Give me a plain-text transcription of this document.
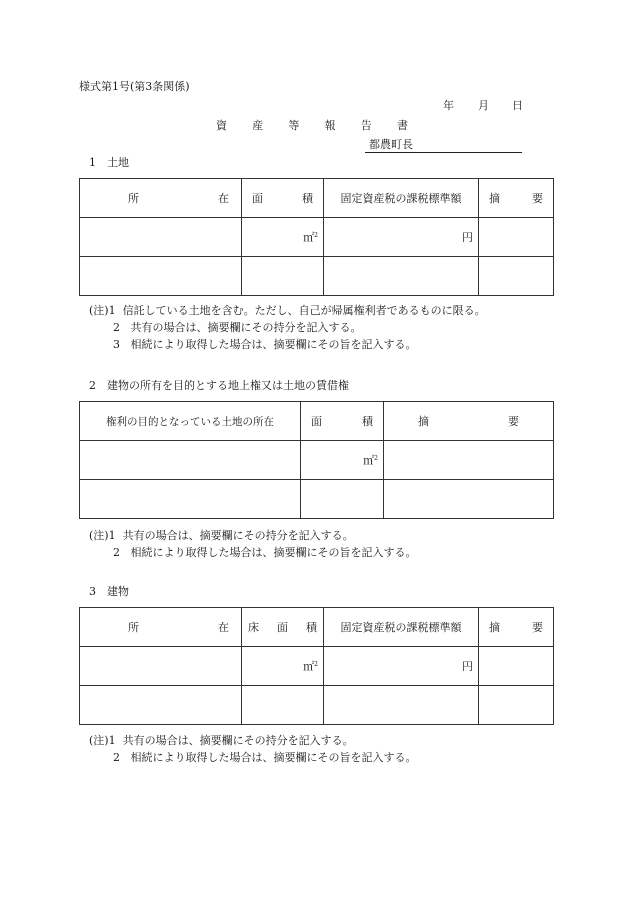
様式第1号(第3条関係)
年 月 日
資 産 等 報 告 書
都農町長
1　土地
所 在	面 積	固定資産税の課税標準額	摘 要

	㎡$^2$	円	

(注)1 信託している土地を含む。ただし、自己が帰属権利者であるものに限る。
2 共有の場合は、摘要欄にその持分を記入する。
3 相続により取得した場合は、摘要欄にその旨を記入する。
2　建物の所有を目的とする地上権又は土地の賃借権
権利の目的となっている土地の所在	面 積	摘 要

	㎡$^2$	

(注)1 共有の場合は、摘要欄にその持分を記入する。
2 相続により取得した場合は、摘要欄にその旨を記入する。
3　建物
所 在	床 面 積	固定資産税の課税標準額	摘 要

	㎡$^2$	円	

(注)1 共有の場合は、摘要欄にその持分を記入する。
2 相続により取得した場合は、摘要欄にその旨を記入する。
